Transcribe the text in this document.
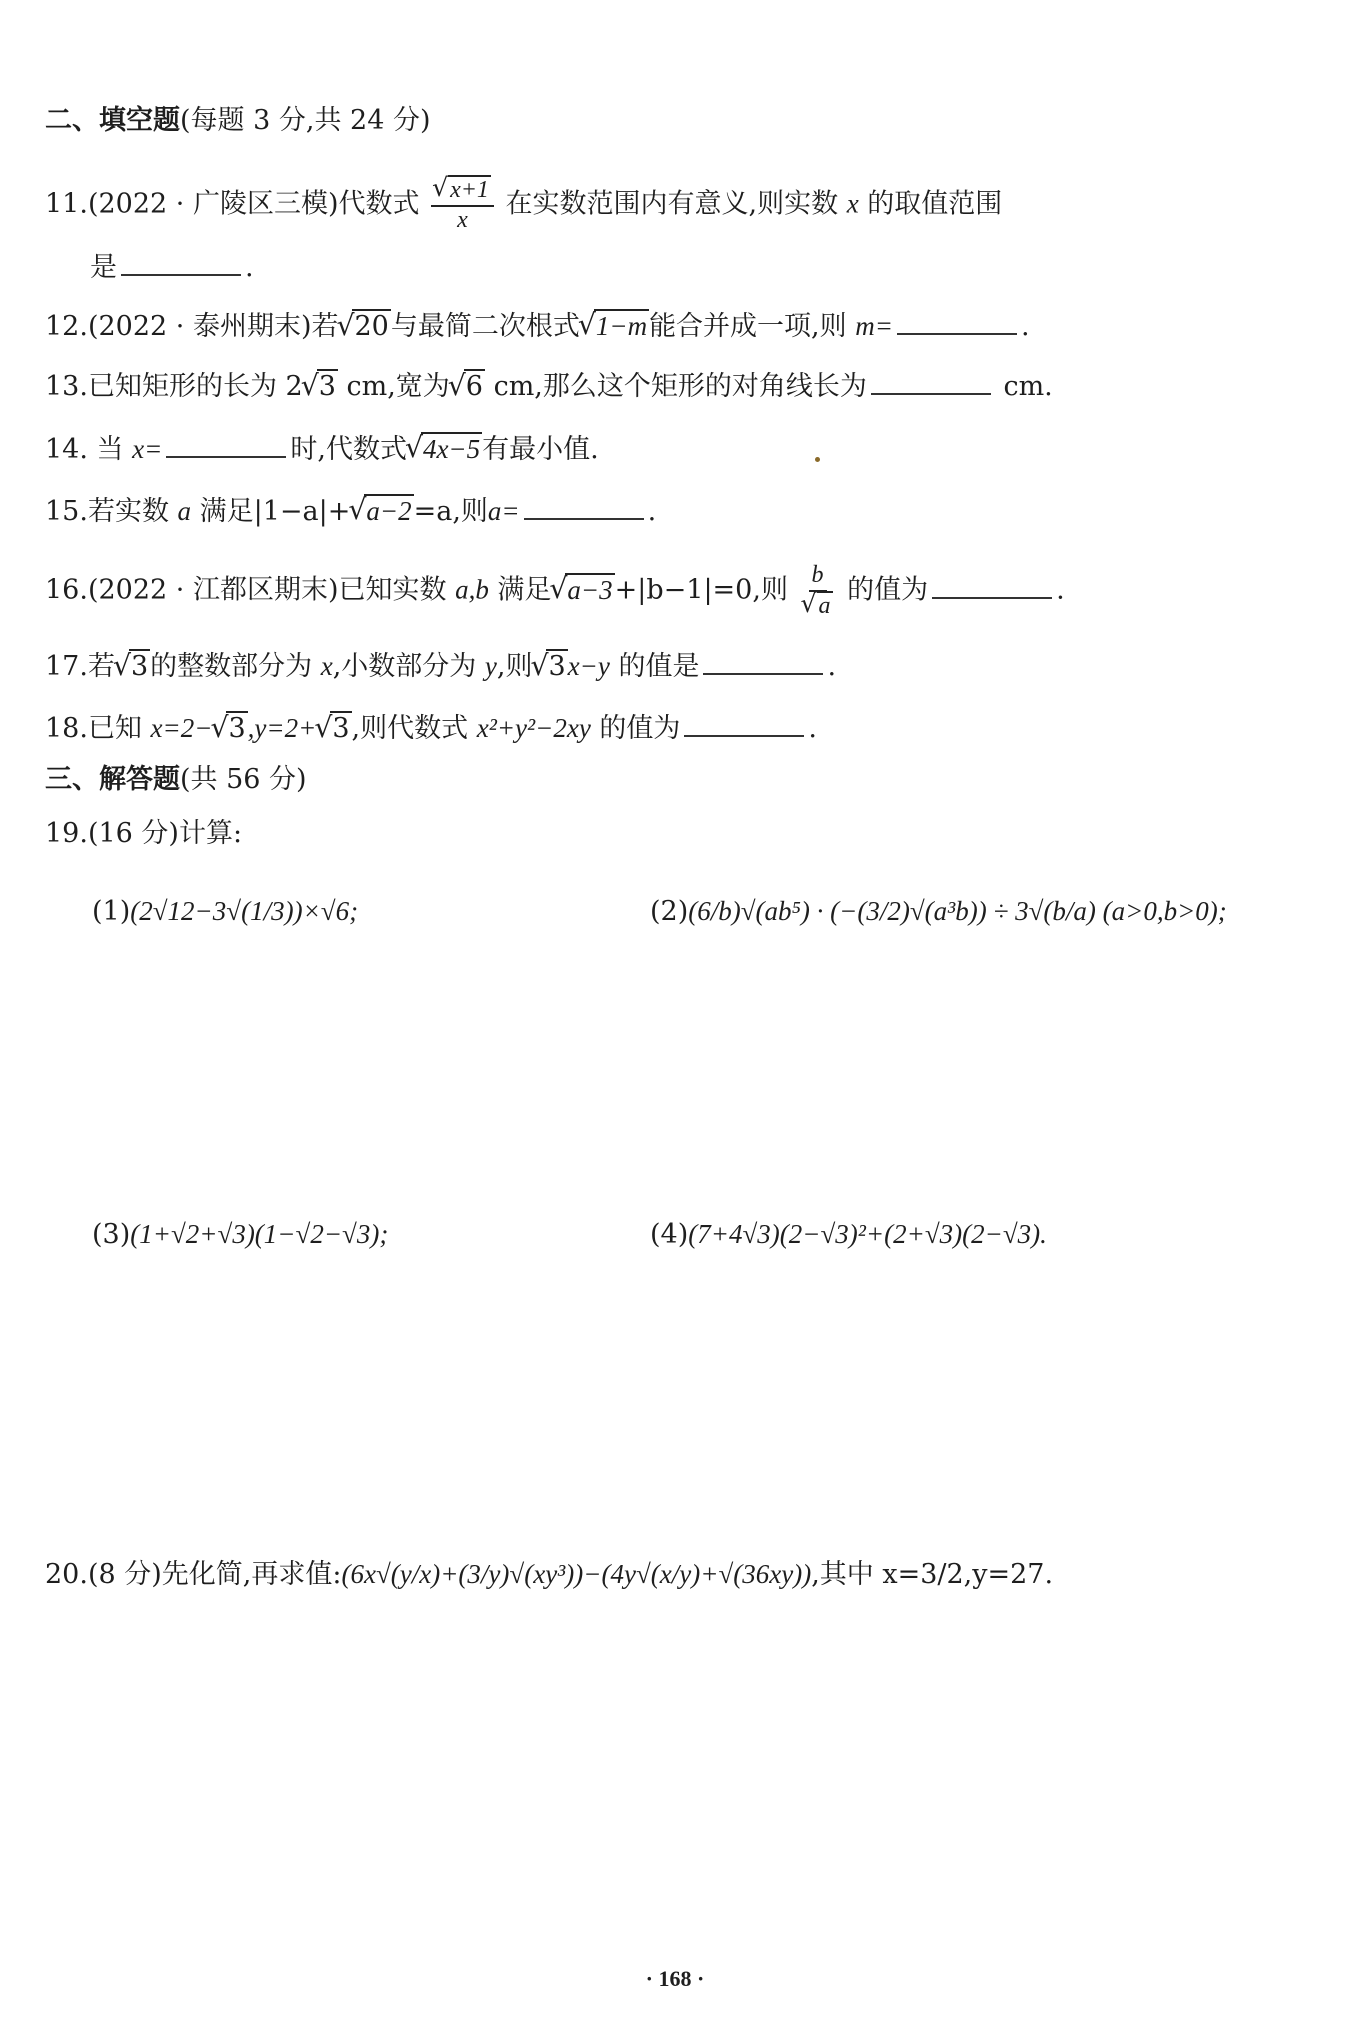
二、填空题(每题 3 分,共 24 分)
11.(2022 · 广陵区三模)代数式 √ $\frac{x+1}{x}$ 在实数范围内有意义,则实数 x 的取值范围
是	.
12.(2022 · 泰州期末)若 √ 20与最简二次根式 √ 1−m能合并成一项,则 m=	.
13.已知矩形的长为 2 √ 3 cm,宽为 √ 6 cm,那么这个矩形的对角线长为	cm.
14. 当 x=	时,代数式 √ 4x−5有最小值.
15.若实数 a 满足|1−a|+ √ a−2=a,则a=	.
16.(2022 · 江都区期末)已知实数 a,b 满足 √ a−3+|b−1|=0,则 b
√ a 的值为	.
17.若 √ 3的整数部分为 x,小数部分为 y,则 √ 3x−y 的值是	.
18.已知 x=2− √ 3,y=2+ √ 3,则代数式 x²+y²−2xy 的值为	.
三、解答题(共 56 分)
19.(16 分)计算:
(1)(2√12−3√(1/3))×√6;	(2)(6/b)√(ab⁵) · (−(3/2)√(a³b)) ÷ 3√(b/a) (a>0,b>0);
(3)(1+√2+√3)(1−√2−√3);	(4)(7+4√3)(2−√3)²+(2+√3)(2−√3).
20.(8 分)先化简,再求值:(6x√(y/x)+(3/y)√(xy³))−(4y√(x/y)+√(36xy)),其中 x=3/2,y=27.
· 168 ·
